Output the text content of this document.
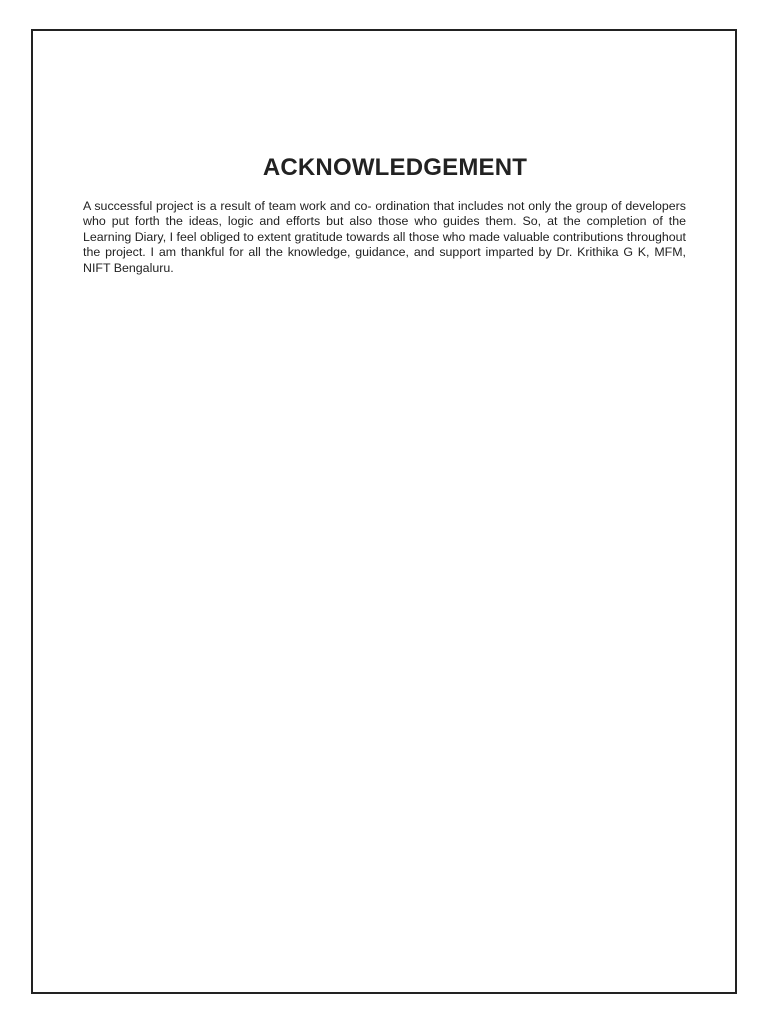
ACKNOWLEDGEMENT

A successful project is a result of team work and co- ordination that includes not only the group of developers who put forth the ideas, logic and efforts but also those who guides them. So, at the completion of the Learning Diary, I feel obliged to extent gratitude towards all those who made valuable contributions throughout the project. I am thankful for all the knowledge, guidance, and support imparted by Dr. Krithika G K, MFM, NIFT Bengaluru.
